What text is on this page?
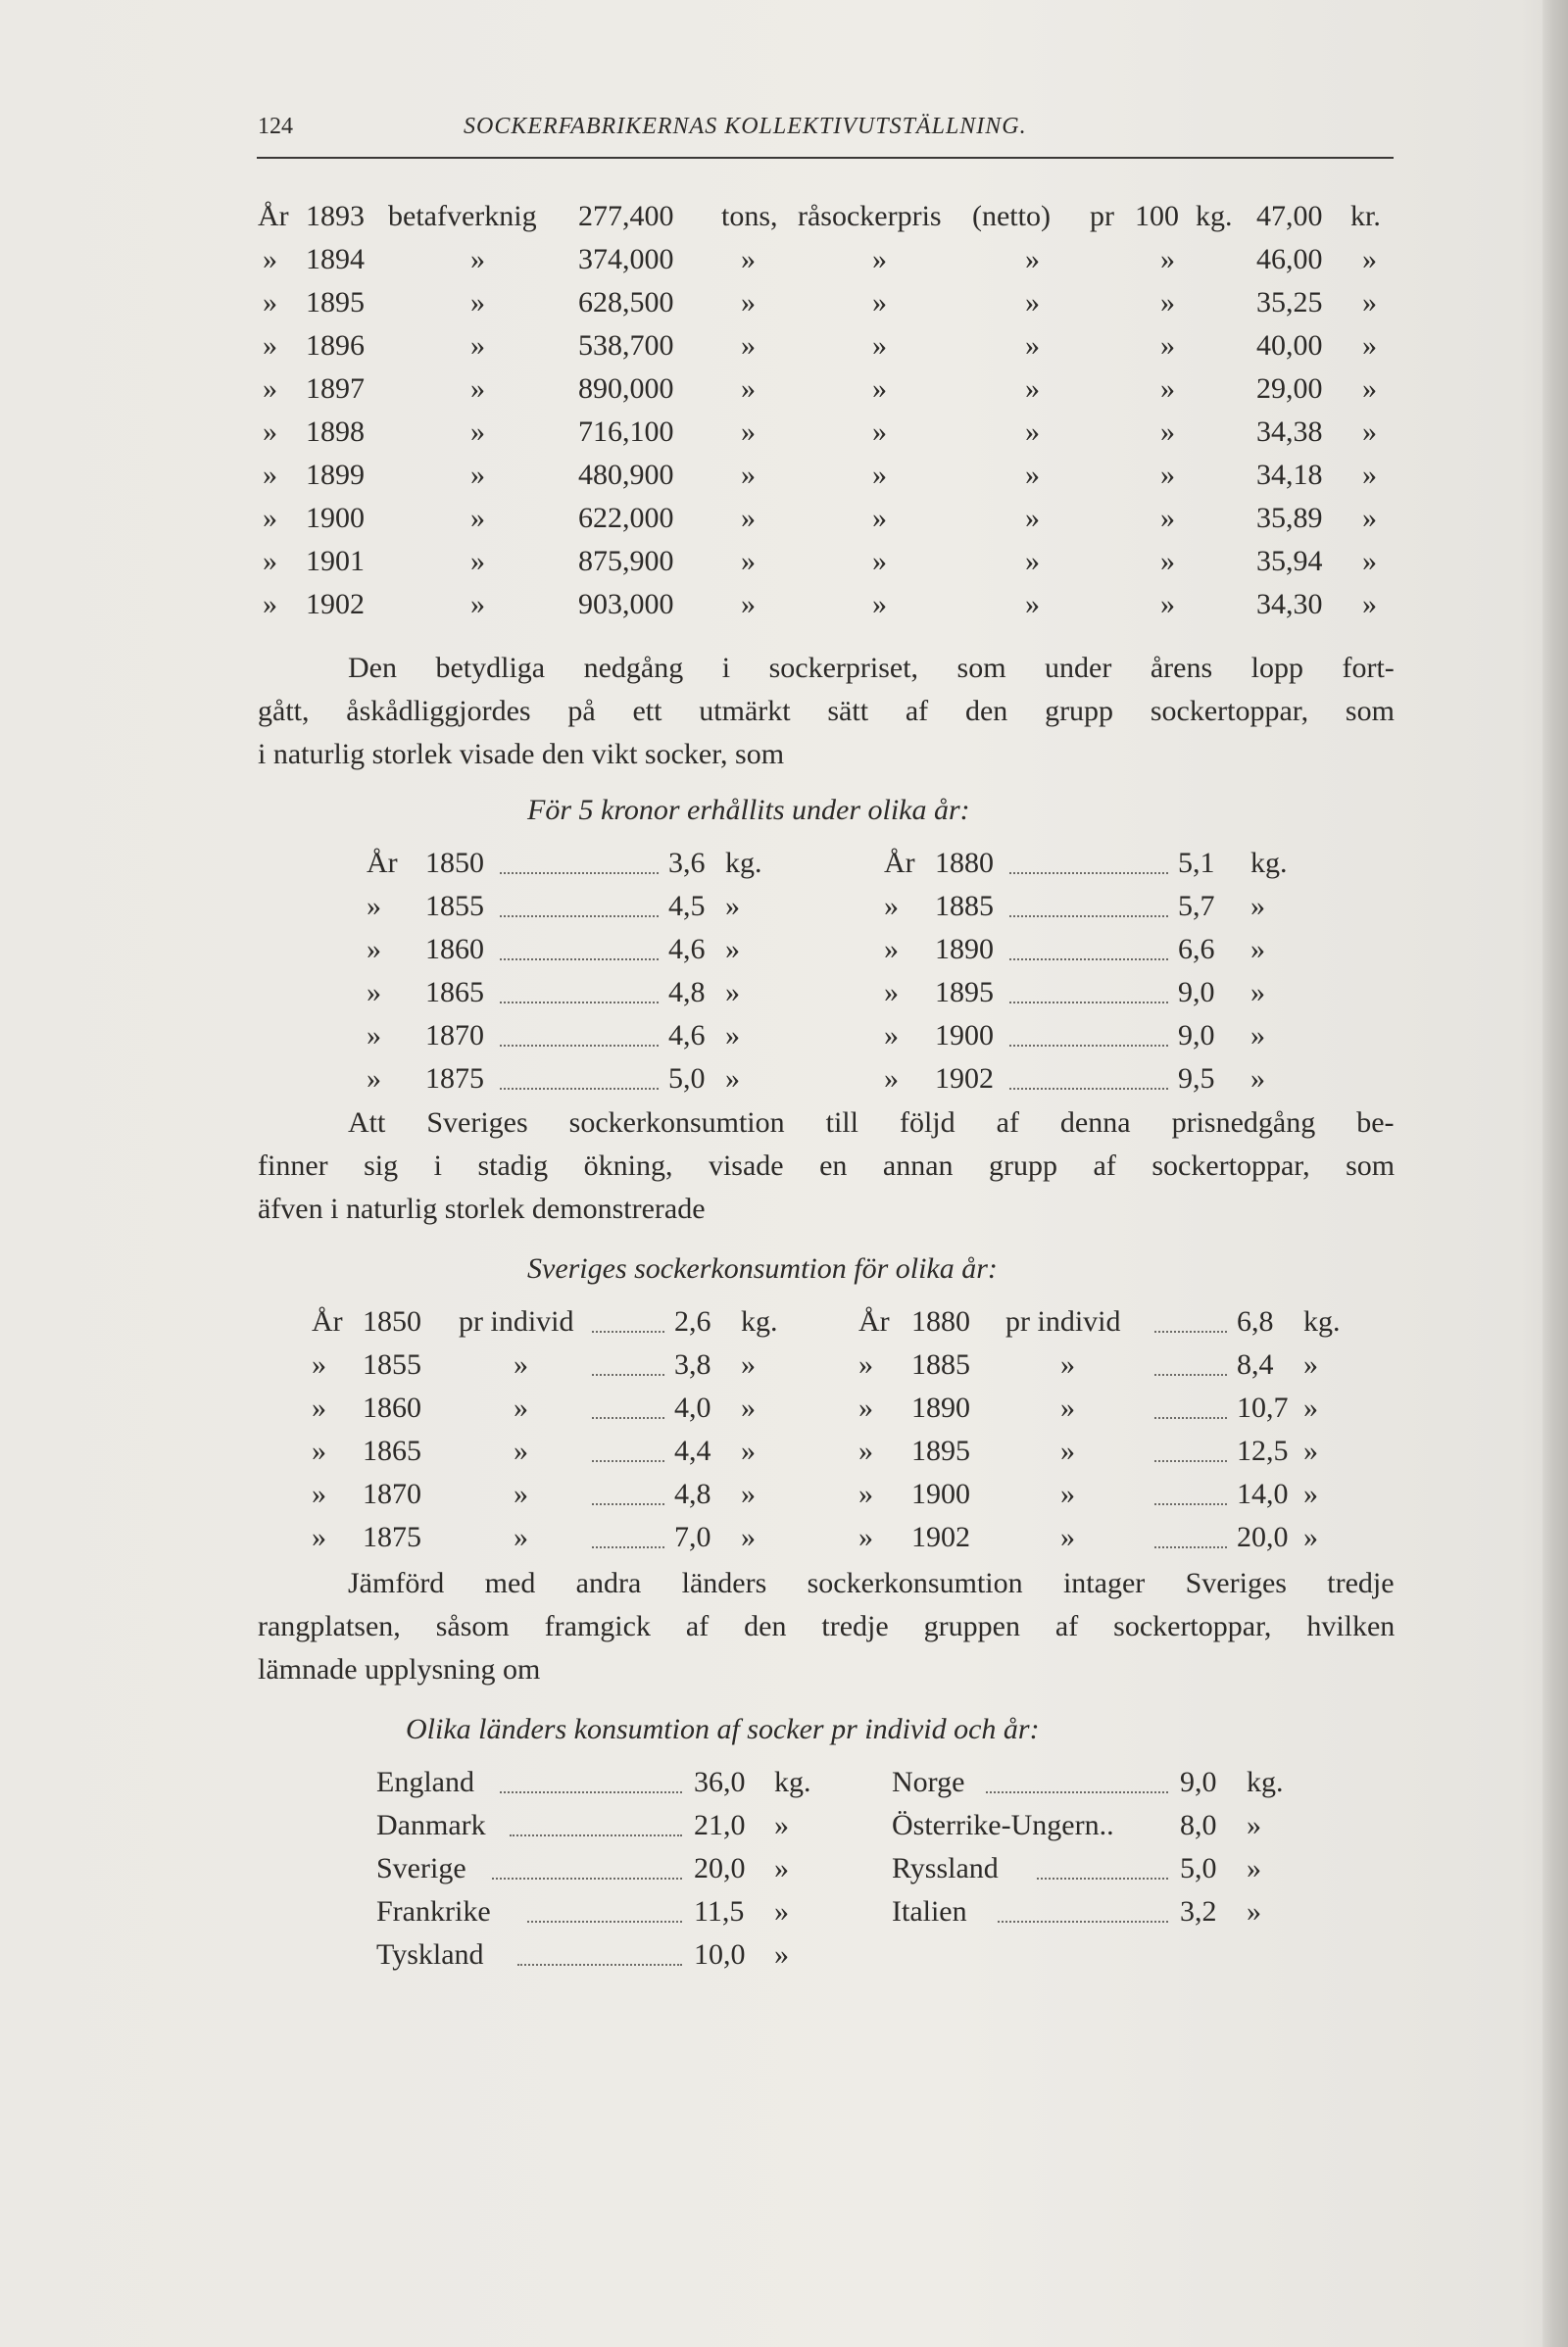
124	SOCKERFABRIKERNAS KOLLEKTIVUTSTÄLLNING.
År 1893 betafverknig 277,400 tons, råsockerpris (netto) pr 100 kg. 47,00 kr.
» 1894	»	374,000 »	»	»	»	46,00 »
» 1895	»	628,500 »	»	»	»	35,25 »
» 1896	»	538,700 »	»	»	»	40,00 »
» 1897	»	890,000 »	»	»	»	29,00 »
» 1898	»	716,100 »	»	»	»	34,38 »
» 1899	»	480,900 »	»	»	»	34,18 »
» 1900	»	622,000 »	»	»	»	35,89 »
» 1901	»	875,900 »	»	»	»	35,94 »
» 1902	»	903,000 »	»	»	»	34,30 »
Den betydliga nedgång i sockerpriset, som under årens lopp fort-
gått, åskådliggjordes på ett utmärkt sätt af den grupp sockertoppar, som
i naturlig storlek visade den vikt socker, som
För 5 kronor erhållits under olika år:
År 1850	3,6 kg.
» 1855	4,5 »
» 1860	4,6 »
» 1865	4,8 »
» 1870	4,6 »
» 1875	5,0 »
År 1880	5,1 kg.
» 1885	5,7 »
» 1890	6,6 »
» 1895	9,0 »
» 1900	9,0 »
» 1902	9,5 »
Att Sveriges sockerkonsumtion till följd af denna prisnedgång be-
finner sig i stadig ökning, visade en annan grupp af sockertoppar, som
äfven i naturlig storlek demonstrerade
Sveriges sockerkonsumtion för olika år:
År 1850 pr individ	2,6 kg.
» 1855	»	3,8 »
» 1860	»	4,0 »
» 1865	»	4,4 »
» 1870	»	4,8 »
» 1875	»	7,0 »
År 1880 pr individ	6,8 kg.
» 1885	»	8,4 »
» 1890	»	10,7 »
» 1895	»	12,5 »
» 1900	»	14,0 »
» 1902	»	20,0 »
Jämförd med andra länders sockerkonsumtion intager Sveriges tredje
rangplatsen, såsom framgick af den tredje gruppen af sockertoppar, hvilken
lämnade upplysning om
Olika länders konsumtion af socker pr individ och år:
England	36,0 kg.
Danmark	21,0 »
Sverige	20,0 »
Frankrike	11,5 »
Tyskland	10,0 »
Norge	9,0 kg.
Österrike-Ungern.. 8,0 »
Ryssland	5,0 »
Italien	3,2 »
